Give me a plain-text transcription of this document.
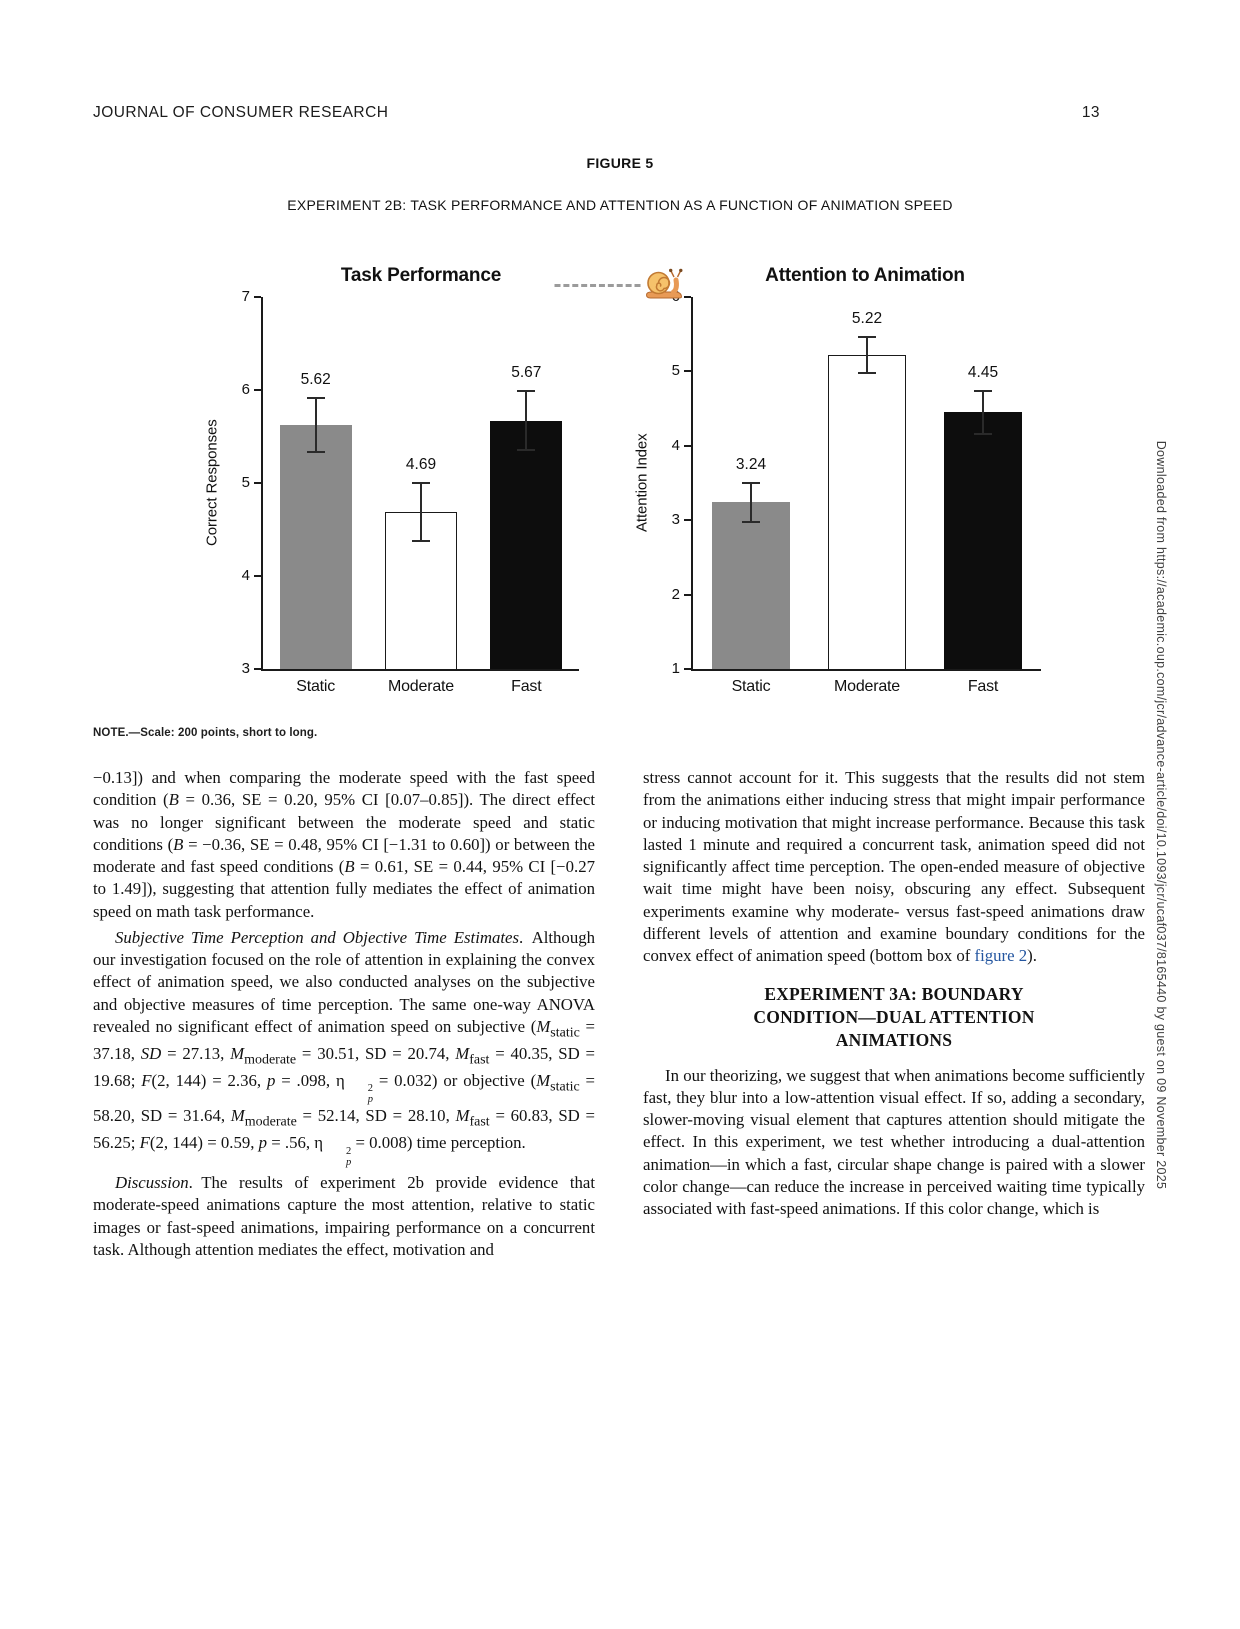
JOURNAL OF CONSUMER RESEARCH	13
FIGURE 5
EXPERIMENT 2B: TASK PERFORMANCE AND ATTENTION AS A FUNCTION OF ANIMATION SPEED
Task Performance
Correct Responses
3
4
5
6
7
5.62
Static
4.69
Moderate
5.67
Fast
Attention to Animation
Attention Index
1
2
3
4
5
3.24
Static
5.22
Moderate
4.45
Fast
NOTE.—Scale: 200 points, short to long.

−0.13]) and when comparing the moderate speed with the fast speed condition (B = 0.36, SE = 0.20, 95% CI [0.07–0.85]). The direct effect was no longer significant between the moderate speed and static conditions (B = −0.36, SE = 0.48, 95% CI [−1.31 to 0.60]) or between the moderate and fast speed conditions (B = 0.61, SE = 0.44, 95% CI [−0.27 to 1.49]), suggesting that attention fully mediates the effect of animation speed on math task performance.

Subjective Time Perception and Objective Time Estimates. Although our investigation focused on the role of attention in explaining the convex effect of animation speed, we also conducted analyses on the subjective and objective measures of time perception. The same one-way ANOVA revealed no significant effect of animation speed on subjective ($M_{static} = 37.18$, SD = 27.13, $M_{moderate} = 30.51$, SD = 20.74, $M_{fast} = 40.35$, SD = 19.68; F(2, 144) = 2.36, p = .098, η	2
p
= 0.032) or objective ($M_{static} = 58.20$, SD = 31.64, $M_{moderate} = 52.14$, SD = 28.10, $M_{fast} = 60.83$, SD = 56.25; F(2, 144) = 0.59, p = .56, η	2
p
= 0.008) time perception.

Discussion. The results of experiment 2b provide evidence that moderate-speed animations capture the most attention, relative to static images or fast-speed animations, impairing performance on a concurrent task. Although attention mediates the effect, motivation and

stress cannot account for it. This suggests that the results did not stem from the animations either inducing stress that might impair performance or inducing motivation that might increase performance. Because this task lasted 1 minute and required a concurrent task, animation speed did not significantly affect time perception. The open-ended measure of objective wait time might have been noisy, obscuring any effect. Subsequent experiments examine why moderate- versus fast-speed animations draw different levels of attention and examine boundary conditions for the convex effect of animation speed (bottom box of figure 2).

EXPERIMENT 3A: BOUNDARY
CONDITION—DUAL ATTENTION
ANIMATIONS

In our theorizing, we suggest that when animations become sufficiently fast, they blur into a low-attention visual effect. If so, adding a secondary, slower-moving visual element that captures attention should mitigate the effect. In this experiment, we test whether introducing a dual-attention animation—in which a fast, circular shape change is paired with a slower color change—can reduce the increase in perceived waiting time typically associated with fast-speed animations. If this color change, which is

Downloaded from https://academic.oup.com/jcr/advance-article/doi/10.1093/jcr/ucaf037/8165440 by guest on 09 November 2025
